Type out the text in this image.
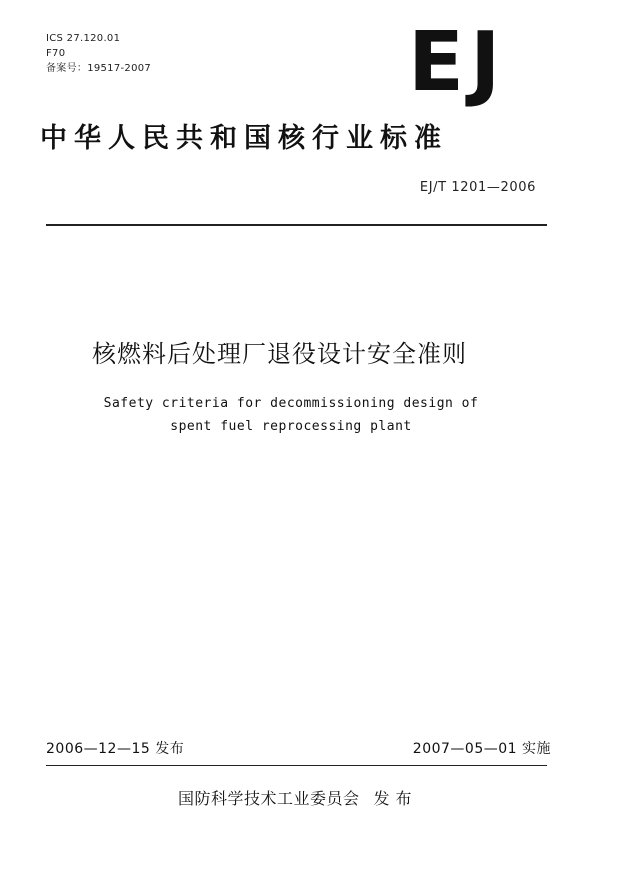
ICS 27.120.01
F70
备案号：19517-2007	EJ
中华人民共和国核行业标准
EJ/T 1201—2006
核燃料后处理厂退役设计安全准则
Safety criteria for decommissioning design of
spent fuel reprocessing plant
2006—12—15 发布	2007—05—01 实施
国防科学技术工业委员会 发布
